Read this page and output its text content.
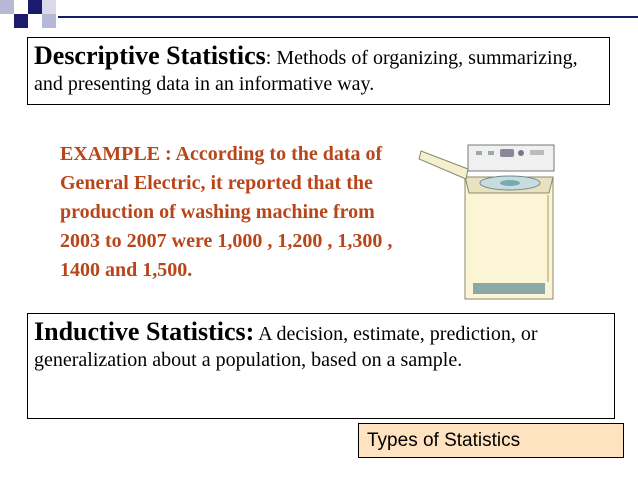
Descriptive Statistics: Methods of organizing, summarizing, and presenting data in an informative way.
EXAMPLE : According to the data of General Electric, it reported that the production of washing machine from 2003 to 2007 were 1,000 , 1,200 , 1,300 , 1400 and 1,500.
Inductive Statistics: A decision, estimate, prediction, or generalization about a population, based on a sample.
Types of Statistics
